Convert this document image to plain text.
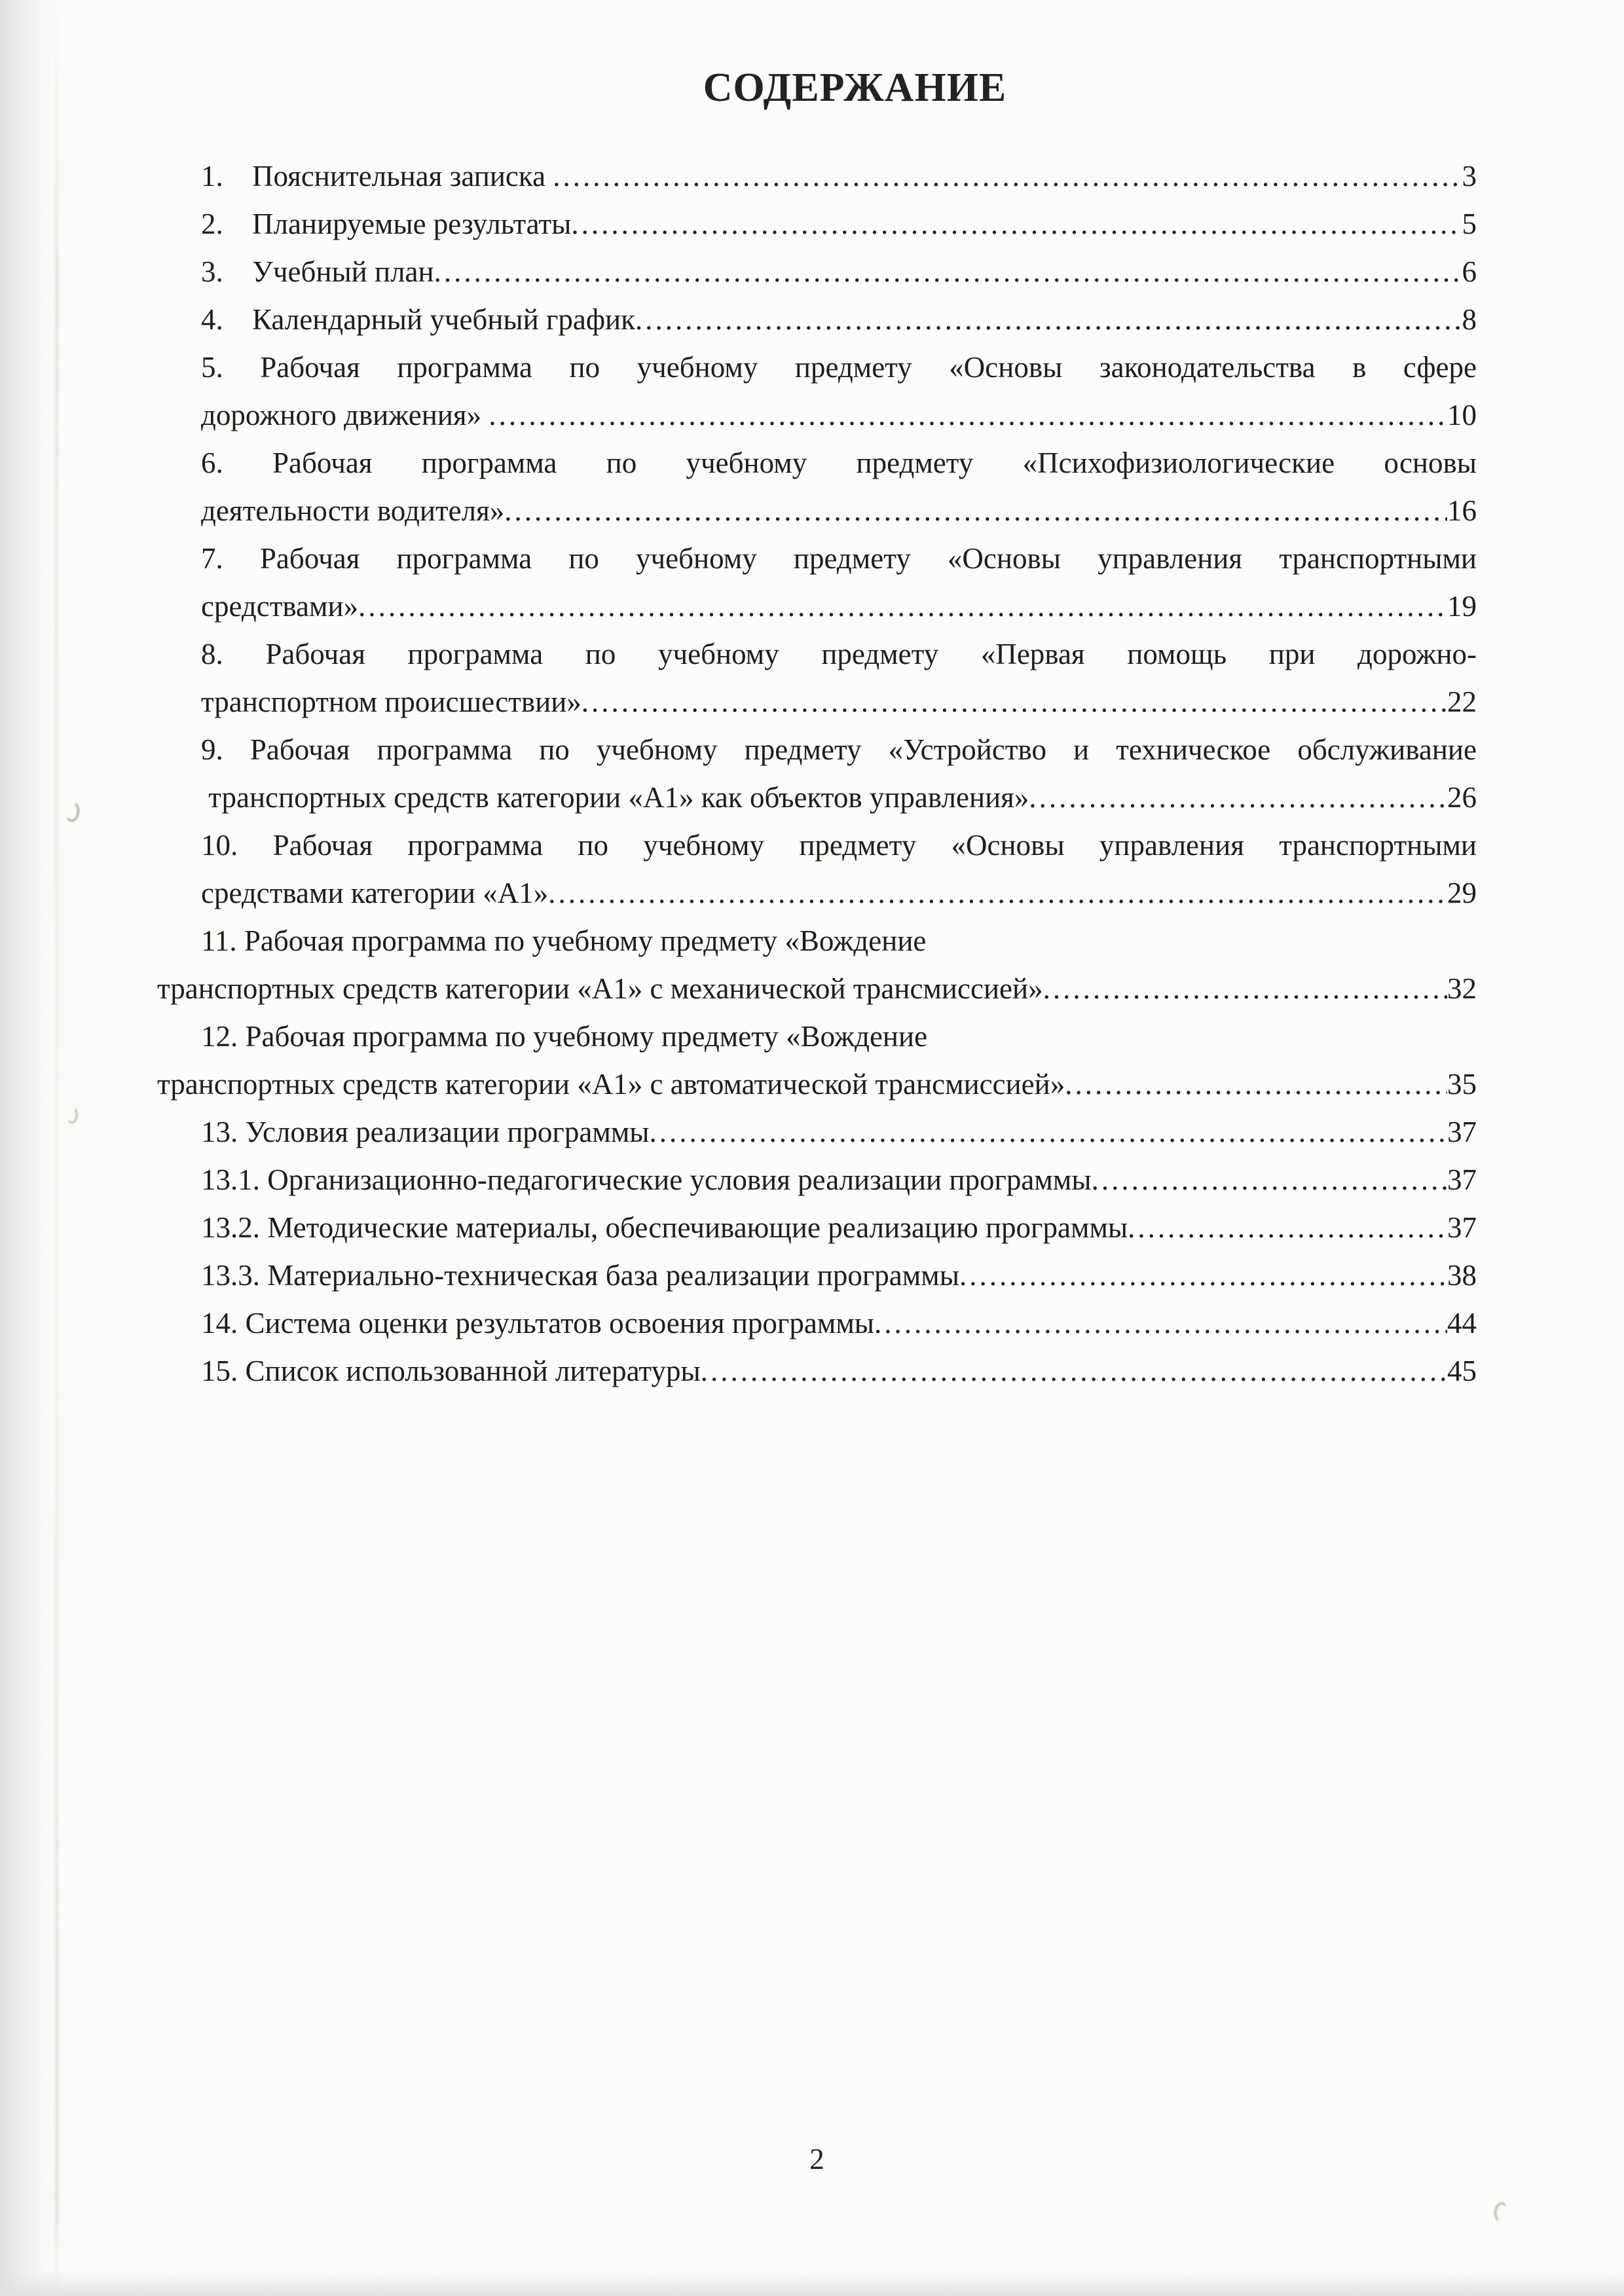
СОДЕРЖАНИЕ
1. Пояснительная записка .....	3
2. Планируемые результаты .....	5
3. Учебный план .....	6
4. Календарный учебный график .....	8
5. Рабочая программа по учебному предмету «Основы законодательства в сфере
дорожного движения» .....	10
6. Рабочая программа по учебному предмету «Психофизиологические основы
деятельности водителя» .....	16
7. Рабочая программа по учебному предмету «Основы управления транспортными
средствами» .....	19
8. Рабочая программа по учебному предмету «Первая помощь при дорожно-
транспортном происшествии» .....	22
9. Рабочая программа по учебному предмету «Устройство и техническое обслуживание
транспортных средств категории «А1» как объектов управления» .....	26
10. Рабочая программа по учебному предмету «Основы управления транспортными
средствами категории «А1» .....	29
11. Рабочая программа по учебному предмету «Вождение
транспортных средств категории «А1» с механической трансмиссией» .....	32
12. Рабочая программа по учебному предмету «Вождение
транспортных средств категории «А1» с автоматической трансмиссией» .....	35
13. Условия реализации программы .....	37
13.1. Организационно-педагогические условия реализации программы .....	37
13.2. Методические материалы, обеспечивающие реализацию программы .....	37
13.3. Материально-техническая база реализации программы .....	38
14. Система оценки результатов освоения программы .....	44
15. Список использованной литературы .....	45
2
